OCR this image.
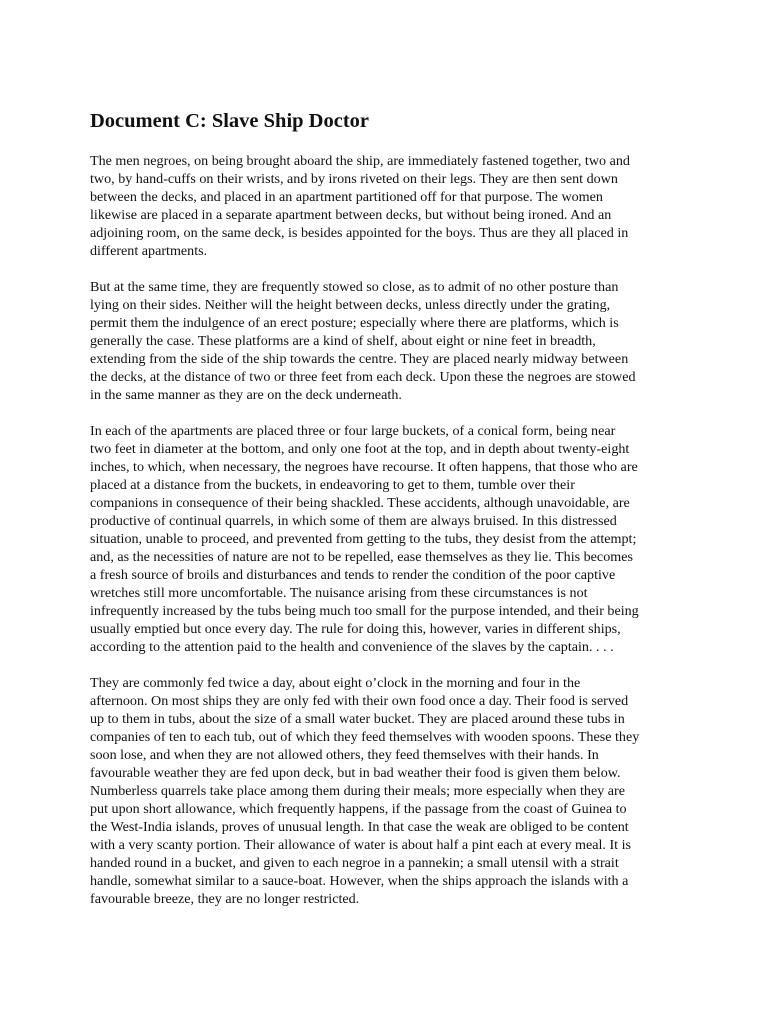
Document C: Slave Ship Doctor

The men negroes, on being brought aboard the ship, are immediately fastened together, two and
two, by hand-cuffs on their wrists, and by irons riveted on their legs. They are then sent down
between the decks, and placed in an apartment partitioned off for that purpose. The women
likewise are placed in a separate apartment between decks, but without being ironed. And an
adjoining room, on the same deck, is besides appointed for the boys. Thus are they all placed in
different apartments.

But at the same time, they are frequently stowed so close, as to admit of no other posture than
lying on their sides. Neither will the height between decks, unless directly under the grating,
permit them the indulgence of an erect posture; especially where there are platforms, which is
generally the case. These platforms are a kind of shelf, about eight or nine feet in breadth,
extending from the side of the ship towards the centre. They are placed nearly midway between
the decks, at the distance of two or three feet from each deck. Upon these the negroes are stowed
in the same manner as they are on the deck underneath.

In each of the apartments are placed three or four large buckets, of a conical form, being near
two feet in diameter at the bottom, and only one foot at the top, and in depth about twenty-eight
inches, to which, when necessary, the negroes have recourse. It often happens, that those who are
placed at a distance from the buckets, in endeavoring to get to them, tumble over their
companions in consequence of their being shackled. These accidents, although unavoidable, are
productive of continual quarrels, in which some of them are always bruised. In this distressed
situation, unable to proceed, and prevented from getting to the tubs, they desist from the attempt;
and, as the necessities of nature are not to be repelled, ease themselves as they lie. This becomes
a fresh source of broils and disturbances and tends to render the condition of the poor captive
wretches still more uncomfortable. The nuisance arising from these circumstances is not
infrequently increased by the tubs being much too small for the purpose intended, and their being
usually emptied but once every day. The rule for doing this, however, varies in different ships,
according to the attention paid to the health and convenience of the slaves by the captain. . . .

They are commonly fed twice a day, about eight o’clock in the morning and four in the
afternoon. On most ships they are only fed with their own food once a day. Their food is served
up to them in tubs, about the size of a small water bucket. They are placed around these tubs in
companies of ten to each tub, out of which they feed themselves with wooden spoons. These they
soon lose, and when they are not allowed others, they feed themselves with their hands. In
favourable weather they are fed upon deck, but in bad weather their food is given them below.
Numberless quarrels take place among them during their meals; more especially when they are
put upon short allowance, which frequently happens, if the passage from the coast of Guinea to
the West-India islands, proves of unusual length. In that case the weak are obliged to be content
with a very scanty portion. Their allowance of water is about half a pint each at every meal. It is
handed round in a bucket, and given to each negroe in a pannekin; a small utensil with a strait
handle, somewhat similar to a sauce-boat. However, when the ships approach the islands with a
favourable breeze, they are no longer restricted.
